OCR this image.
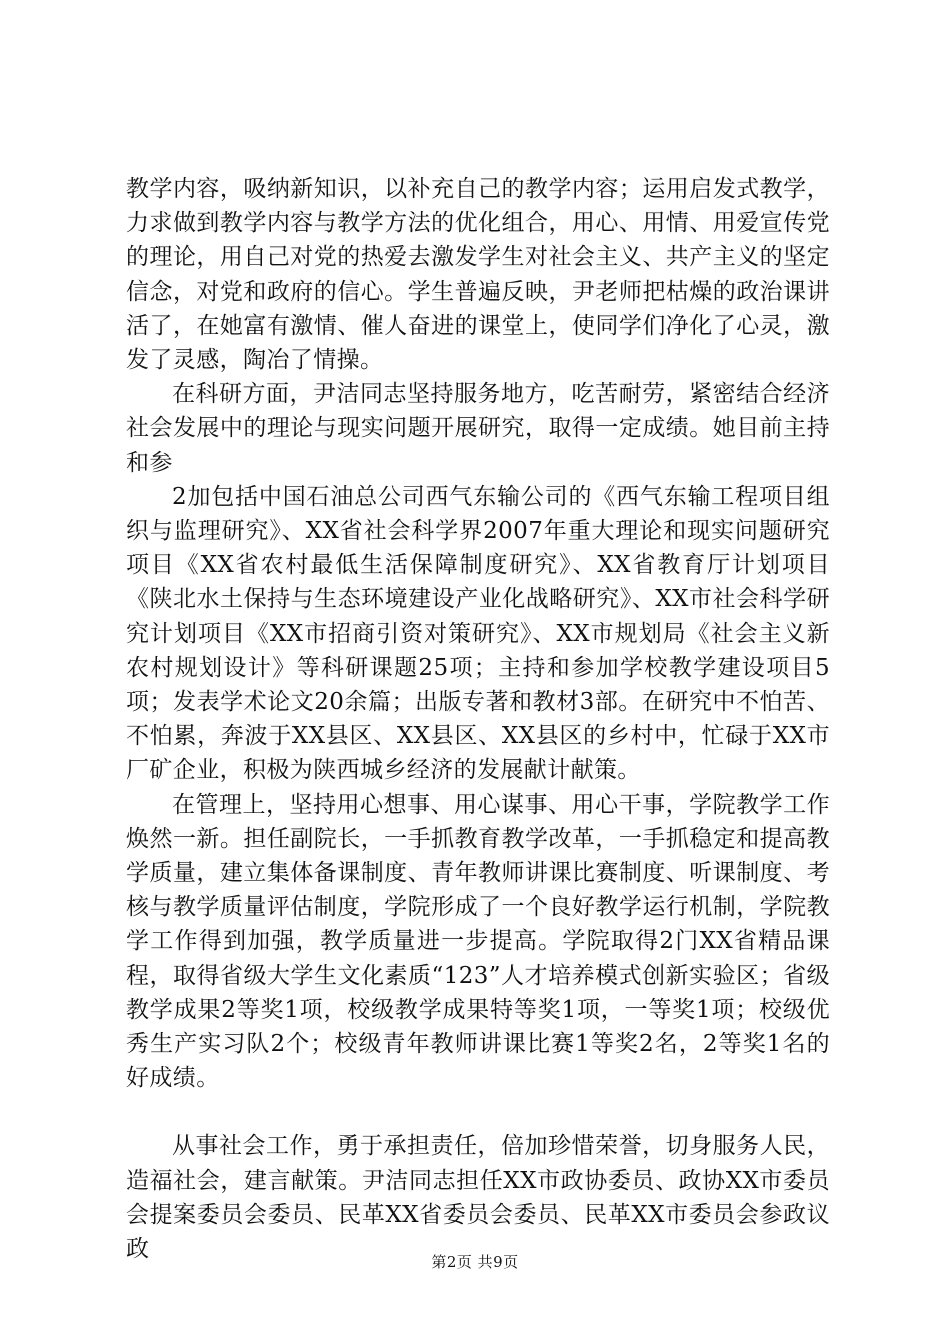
教学内容，吸纳新知识，以补充自己的教学内容；运用启发式教学，力求做到教学内容与教学方法的优化组合，用心、用情、用爱宣传党的理论，用自己对党的热爱去激发学生对社会主义、共产主义的坚定信念，对党和政府的信心。学生普遍反映，尹老师把枯燥的政治课讲活了，在她富有激情、催人奋进的课堂上，使同学们净化了心灵，激发了灵感，陶冶了情操。

在科研方面，尹洁同志坚持服务地方，吃苦耐劳，紧密结合经济社会发展中的理论与现实问题开展研究，取得一定成绩。她目前主持和参

2加包括中国石油总公司西气东输公司的《西气东输工程项目组织与监理研究》、XX省社会科学界2007年重大理论和现实问题研究项目《XX省农村最低生活保障制度研究》、XX省教育厅计划项目《陕北水土保持与生态环境建设产业化战略研究》、XX市社会科学研究计划项目《XX市招商引资对策研究》、XX市规划局《社会主义新农村规划设计》等科研课题25项；主持和参加学校教学建设项目5项；发表学术论文20余篇；出版专著和教材3部。在研究中不怕苦、不怕累，奔波于XX县区、XX县区、XX县区的乡村中，忙碌于XX市厂矿企业，积极为陕西城乡经济的发展献计献策。

在管理上，坚持用心想事、用心谋事、用心干事，学院教学工作焕然一新。担任副院长，一手抓教育教学改革，一手抓稳定和提高教学质量，建立集体备课制度、青年教师讲课比赛制度、听课制度、考核与教学质量评估制度，学院形成了一个良好教学运行机制，学院教学工作得到加强，教学质量进一步提高。学院取得2门XX省精品课程，取得省级大学生文化素质“123”人才培养模式创新实验区；省级教学成果2等奖1项，校级教学成果特等奖1项，一等奖1项；校级优秀生产实习队2个；校级青年教师讲课比赛1等奖2名，2等奖1名的好成绩。

从事社会工作，勇于承担责任，倍加珍惜荣誉，切身服务人民，造福社会，建言献策。尹洁同志担任XX市政协委员、政协XX市委员会提案委员会委员、民革XX省委员会委员、民革XX市委员会参政议政	第2页 共9页
